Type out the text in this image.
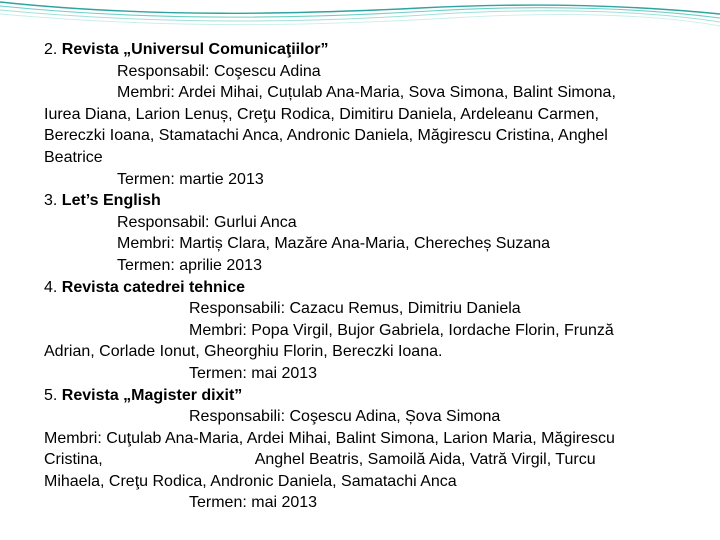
2. Revista „Universul Comunicaţiilor”
Responsabil: Coşescu Adina
Membri: Ardei Mihai, Cuțulab Ana-Maria, Sova Simona, Balint Simona,
Iurea Diana, Larion Lenuș, Creţu Rodica, Dimitiru Daniela, Ardeleanu Carmen,
Bereczki Ioana, Stamatachi Anca, Andronic Daniela, Măgirescu Cristina, Anghel
Beatrice
Termen: martie 2013
3. Let’s English
Responsabil: Gurlui Anca
Membri: Martiș Clara, Mazăre Ana-Maria, Cherecheș Suzana
Termen: aprilie 2013
4. Revista catedrei tehnice
Responsabili: Cazacu Remus, Dimitriu Daniela
Membri: Popa Virgil, Bujor Gabriela, Iordache Florin, Frunză
Adrian, Corlade Ionut, Gheorghiu Florin, Bereczki Ioana.
Termen: mai 2013
5. Revista „Magister dixit”
Responsabili: Coşescu Adina, Șova Simona
Membri: Cuţulab Ana-Maria, Ardei Mihai, Balint Simona, Larion Maria, Măgirescu
Cristina,	Anghel Beatris, Samoilă Aida, Vatră Virgil, Turcu
Mihaela, Creţu Rodica, Andronic Daniela, Samatachi Anca
Termen: mai 2013
